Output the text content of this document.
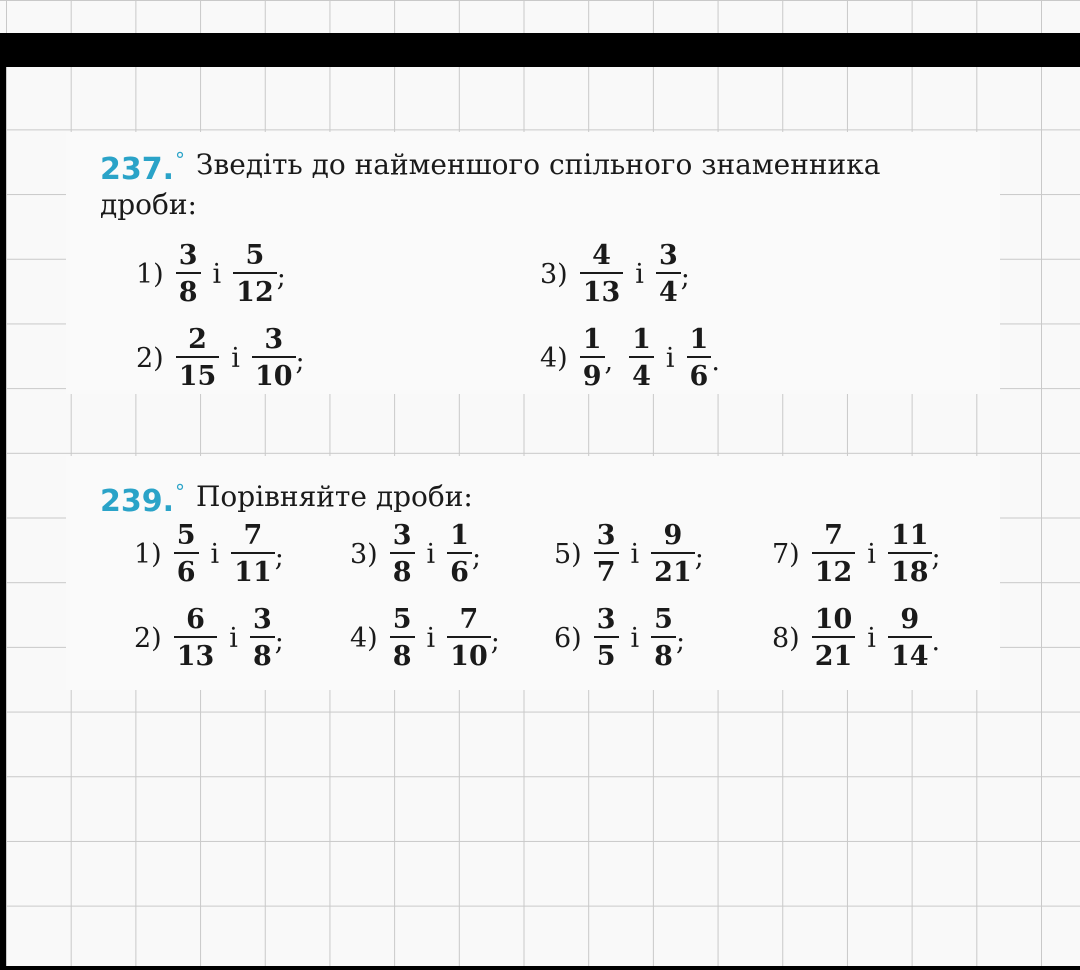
237.° Зведіть до найменшого спільного знаменника
дроби:
$1) \frac{3}{8}$ і $\frac{5}{12}$ ;
$2) \frac{2}{15}$ і $\frac{3}{10}$ ;
$3) \frac{4}{13}$ і $\frac{3}{4}$ ;
$4) \frac{1}{9}$ , $\frac{1}{4}$ і $\frac{1}{6}$ .
239.° Порівняйте дроби:
$1) \frac{5}{6}$ і $\frac{7}{11}$ ;
$2) \frac{6}{13}$ і $\frac{3}{8}$ ;
$3) \frac{3}{8}$ і $\frac{1}{6}$ ;
$4) \frac{5}{8}$ і $\frac{7}{10}$ ;
$5) \frac{3}{7}$ і $\frac{9}{21}$ ;
$6) \frac{3}{5}$ і $\frac{5}{8}$ ;
$7) \frac{7}{12}$ і $\frac{11}{18}$ ;
$8) \frac{10}{21}$ і $\frac{9}{14}$ .
